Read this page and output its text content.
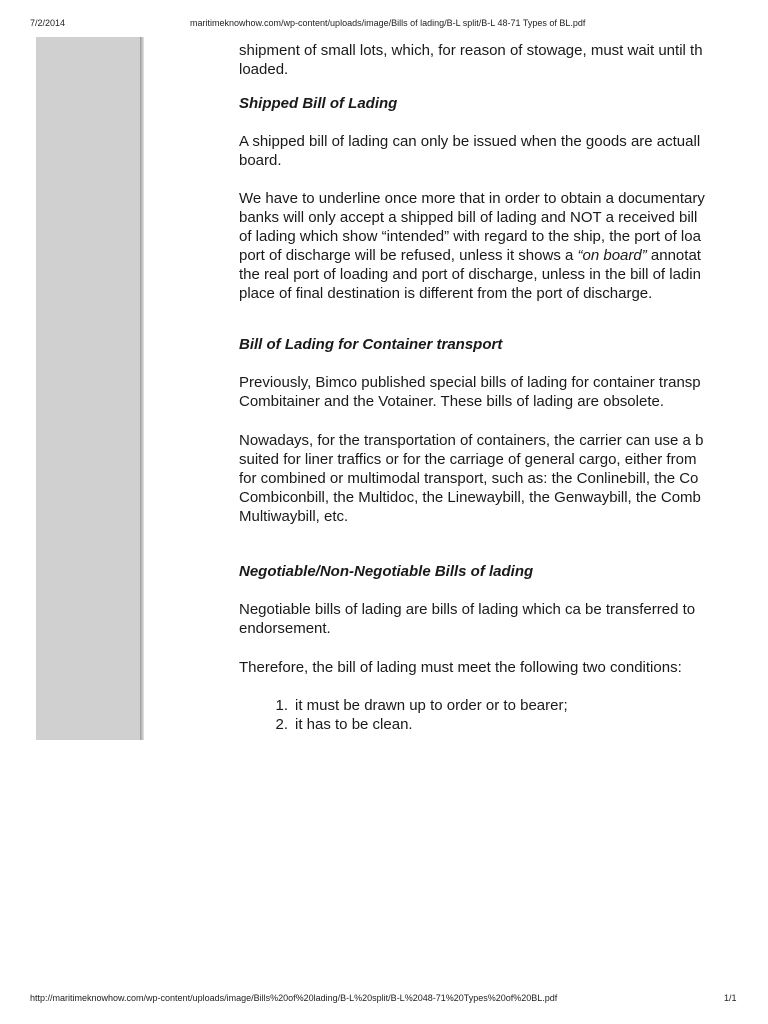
7/2/2014	maritimeknowhow.com/wp-content/uploads/image/Bills of lading/B-L split/B-L 48-71 Types of BL.pdf

shipment of small lots, which, for reason of stowage, must wait until th
loaded.

Shipped Bill of Lading

A shipped bill of lading can only be issued when the goods are actuall
board.

We have to underline once more that in order to obtain a documentary
banks will only accept a shipped bill of lading and NOT a received bill
of lading which show “intended” with regard to the ship, the port of loa
port of discharge will be refused, unless it shows a “on board” annotat
the real port of loading and port of discharge, unless in the bill of ladin
place of final destination is different from the port of discharge.

Bill of Lading for Container transport

Previously, Bimco published special bills of lading for container transp
Combitainer and the Votainer. These bills of lading are obsolete.

Nowadays, for the transportation of containers, the carrier can use a b
suited for liner traffics or for the carriage of general cargo, either from
for combined or multimodal transport, such as: the Conlinebill, the Co
Combiconbill, the Multidoc, the Linewaybill, the Genwaybill, the Comb
Multiwaybill, etc.

Negotiable/Non-Negotiable Bills of lading

Negotiable bills of lading are bills of lading which ca be transferred to
endorsement.

Therefore, the bill of lading must meet the following two conditions:

1. it must be drawn up to order or to bearer;
2. it has to be clean.
http://maritimeknowhow.com/wp-content/uploads/image/Bills%20of%20lading/B-L%20split/B-L%2048-71%20Types%20of%20BL.pdf	1/1
